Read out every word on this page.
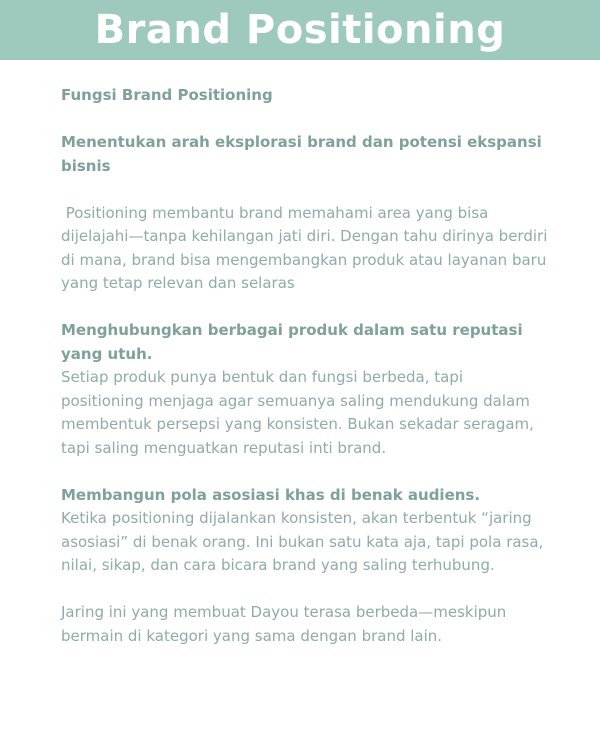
Brand Positioning

Fungsi Brand Positioning

Menentukan arah eksplorasi brand dan potensi ekspansi bisnis

Positioning membantu brand memahami area yang bisa dijelajahi—tanpa kehilangan jati diri. Dengan tahu dirinya berdiri di mana, brand bisa mengembangkan produk atau layanan baru yang tetap relevan dan selaras

Menghubungkan berbagai produk dalam satu reputasi yang utuh.

Setiap produk punya bentuk dan fungsi berbeda, tapi positioning menjaga agar semuanya saling mendukung dalam membentuk persepsi yang konsisten. Bukan sekadar seragam, tapi saling menguatkan reputasi inti brand.

Membangun pola asosiasi khas di benak audiens.

Ketika positioning dijalankan konsisten, akan terbentuk “jaring asosiasi” di benak orang. Ini bukan satu kata aja, tapi pola rasa, nilai, sikap, dan cara bicara brand yang saling terhubung.

Jaring ini yang membuat Dayou terasa berbeda—meskipun bermain di kategori yang sama dengan brand lain.
